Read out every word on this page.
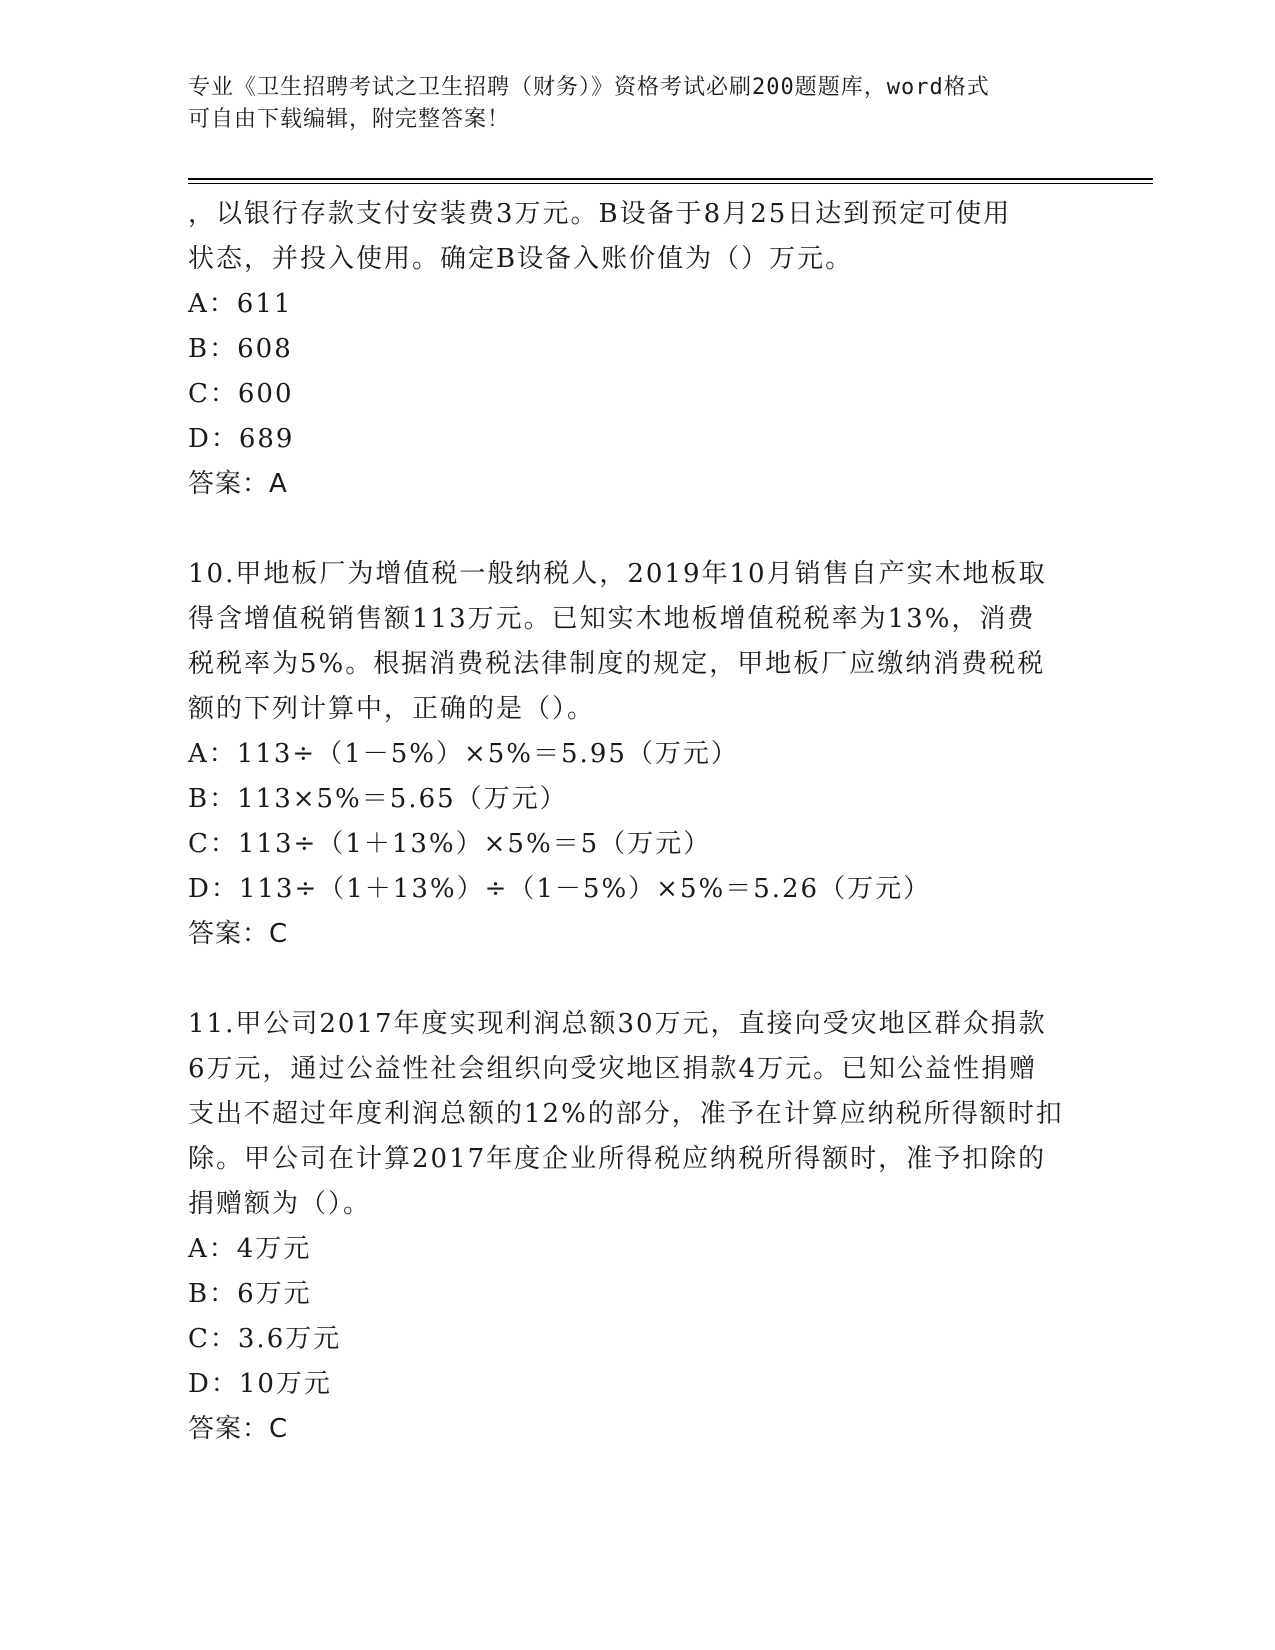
专业《卫生招聘考试之卫生招聘（财务）》资格考试必刷200题题库，word格式
可自由下载编辑，附完整答案！

，以银行存款支付安装费3万元。B设备于8月25日达到预定可使用

状态，并投入使用。确定B设备入账价值为（）万元。

A：611

B：608

C：600

D：689

答案：A

10.甲地板厂为增值税一般纳税人，2019年10月销售自产实木地板取

得含增值税销售额113万元。已知实木地板增值税税率为13%，消费

税税率为5%。根据消费税法律制度的规定，甲地板厂应缴纳消费税税

额的下列计算中，正确的是（）。

A：113÷（1－5%）×5%＝5.95（万元）

B：113×5%＝5.65（万元）

C：113÷（1＋13%）×5%＝5（万元）

D：113÷（1＋13%）÷（1－5%）×5%＝5.26（万元）

答案：C

11.甲公司2017年度实现利润总额30万元，直接向受灾地区群众捐款

6万元，通过公益性社会组织向受灾地区捐款4万元。已知公益性捐赠

支出不超过年度利润总额的12%的部分，准予在计算应纳税所得额时扣

除。甲公司在计算2017年度企业所得税应纳税所得额时，准予扣除的

捐赠额为（）。

A：4万元

B：6万元

C：3.6万元

D：10万元

答案：C
